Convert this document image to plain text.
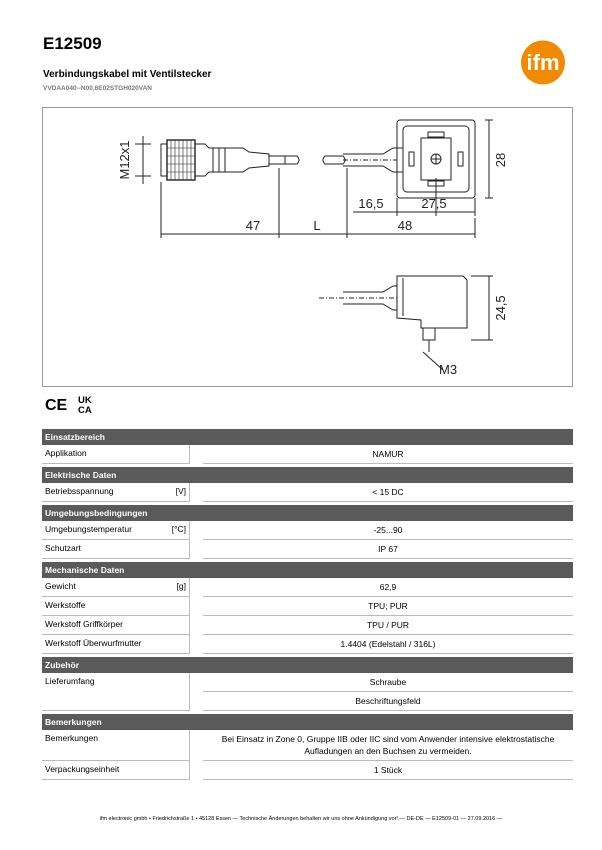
E12509
Verbindungskabel mit Ventilstecker
VVDAA040--N00,6E02STGH020VAN
ifm
47	L	48
16,5	27,5
28
24,5
M12x1
M3
CE UK
CA
Einsatzbereich
Applikation	NAMUR
Elektrische Daten
Betriebsspannung	[V]	< 15 DC
Umgebungsbedingungen
Umgebungstemperatur	[°C]	-25...90
Schutzart	IP 67
Mechanische Daten
Gewicht	[g]	62,9
Werkstoffe	TPU; PUR
Werkstoff Griffkörper	TPU / PUR
Werkstoff Überwurfmutter	1.4404 (Edelstahl / 316L)
Zubehör
Lieferumfang	Schraube
Beschriftungsfeld
Bemerkungen
Bemerkungen	Bei Einsatz in Zone 0, Gruppe IIB oder IIC sind vom Anwender intensive elektrostatische Aufladungen an den Buchsen zu vermeiden.
Verpackungseinheit	1 Stück
ifm electronic gmbh • Friedrichstraße 1 • 45128 Essen — Technische Änderungen behalten wir uns ohne Ankündigung vor! — DE-DE — E12509-01 — 27.09.2016 —
